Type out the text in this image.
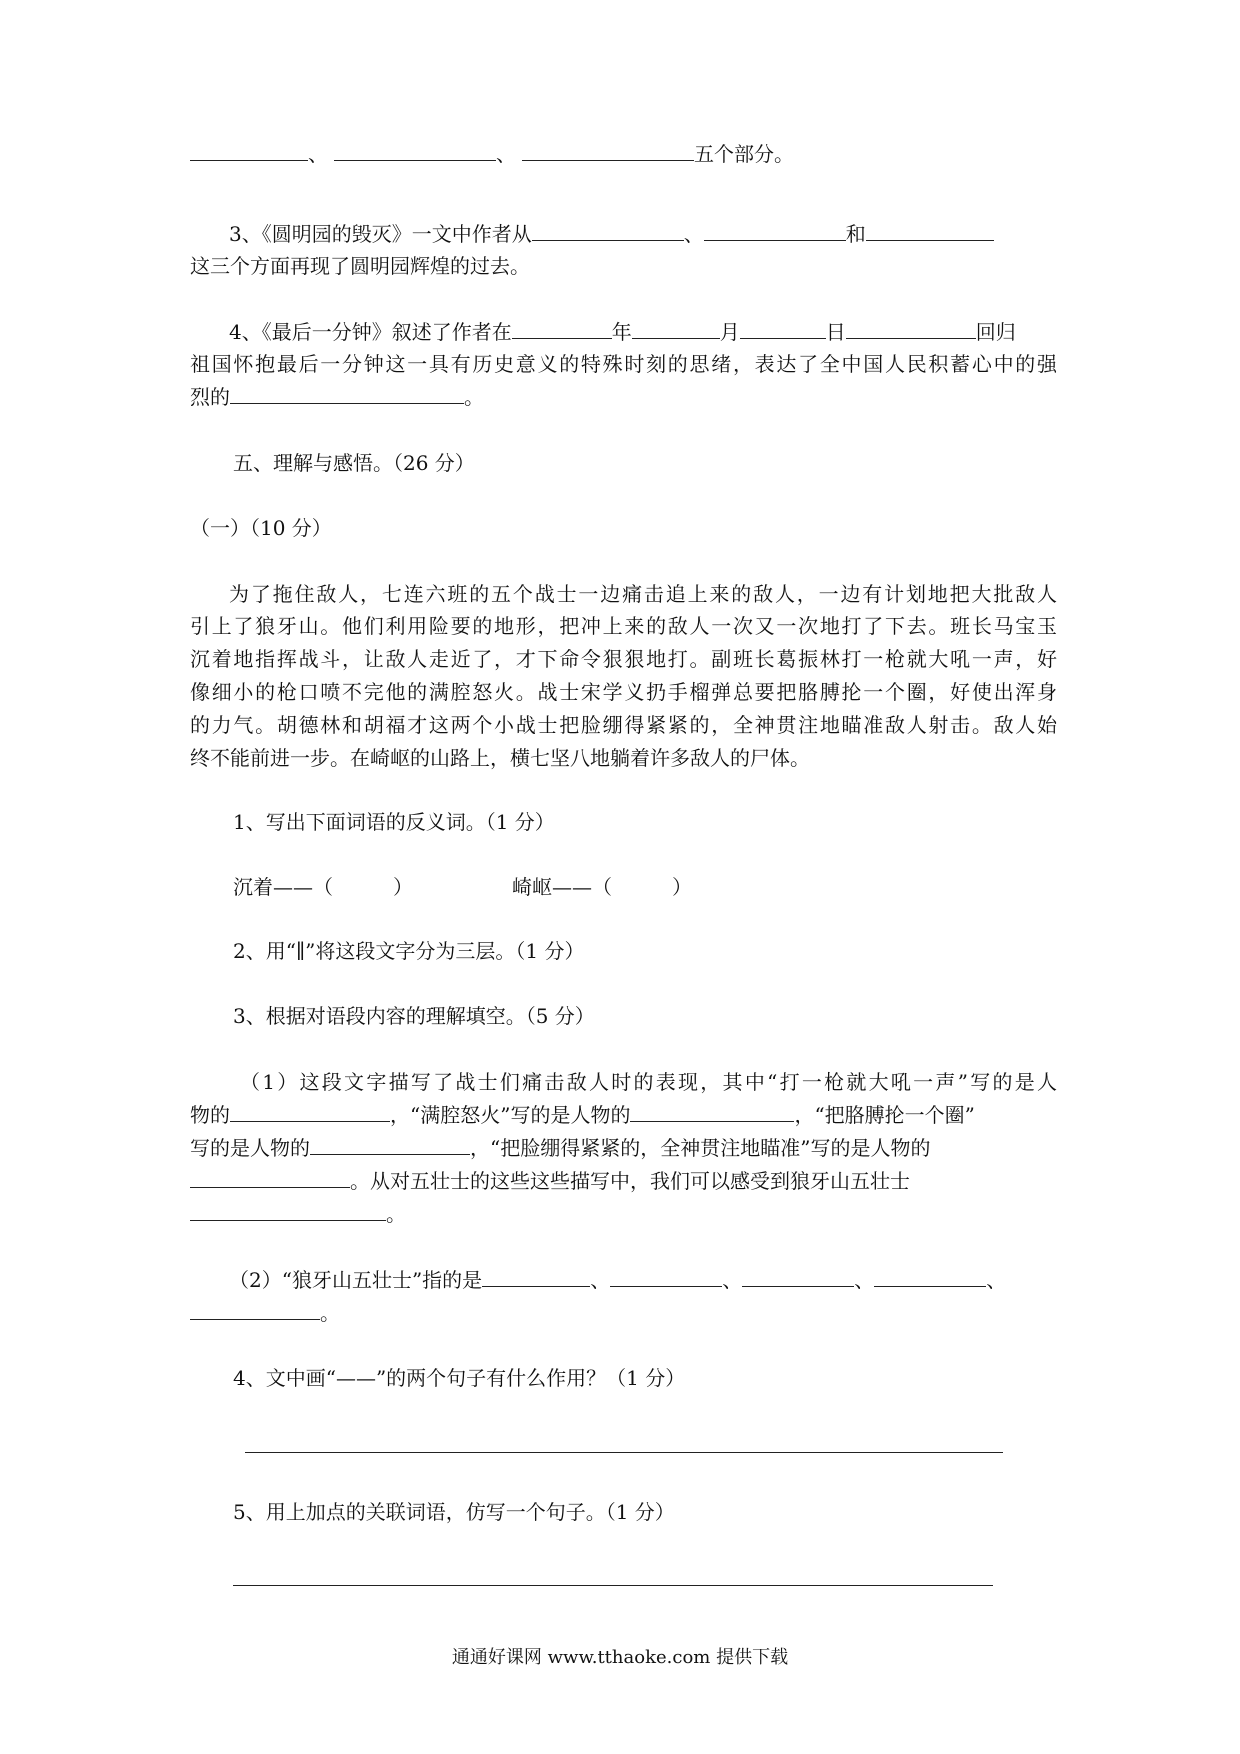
、	、	五个部分。
3、《圆明园的毁灭》一文中作者从	、	和
这三个方面再现了圆明园辉煌的过去。
4、《最后一分钟》叙述了作者在	年	月	日	回归
祖国怀抱最后一分钟这一具有历史意义的特殊时刻的思绪，表达了全中国人民积蓄心中的强
烈的	。
五、理解与感悟。（26 分）
（一）（10 分）
为了拖住敌人，七连六班的五个战士一边痛击追上来的敌人，一边有计划地把大批敌人
引上了狼牙山。他们利用险要的地形，把冲上来的敌人一次又一次地打了下去。班长马宝玉
沉着地指挥战斗，让敌人走近了，才下命令狠狠地打。副班长葛振林打一枪就大吼一声，好
像细小的枪口喷不完他的满腔怒火。战士宋学义扔手榴弹总要把胳膊抡一个圈，好使出浑身
的力气。胡德林和胡福才这两个小战士把脸绷得紧紧的，全神贯注地瞄准敌人射击。敌人始
终不能前进一步。在崎岖的山路上，横七坚八地躺着许多敌人的尸体。
1、写出下面词语的反义词。（1 分）
沉着——（　　　）	崎岖——（　　　）
2、用“∥”将这段文字分为三层。（1 分）
3、根据对语段内容的理解填空。（5 分）
（1）这段文字描写了战士们痛击敌人时的表现，其中“打一枪就大吼一声”写的是人
物的	，“满腔怒火”写的是人物的	，“把胳膊抡一个圈”
写的是人物的	，“把脸绷得紧紧的，全神贯注地瞄准”写的是人物的
。从对五壮士的这些这些描写中，我们可以感受到狼牙山五壮士
。
（2）“狼牙山五壮士”指的是	、	、	、	、
。
4、文中画“——”的两个句子有什么作用？（1 分）
5、用上加点的关联词语，仿写一个句子。（1 分）
通通好课网 www.tthaoke.com 提供下载
